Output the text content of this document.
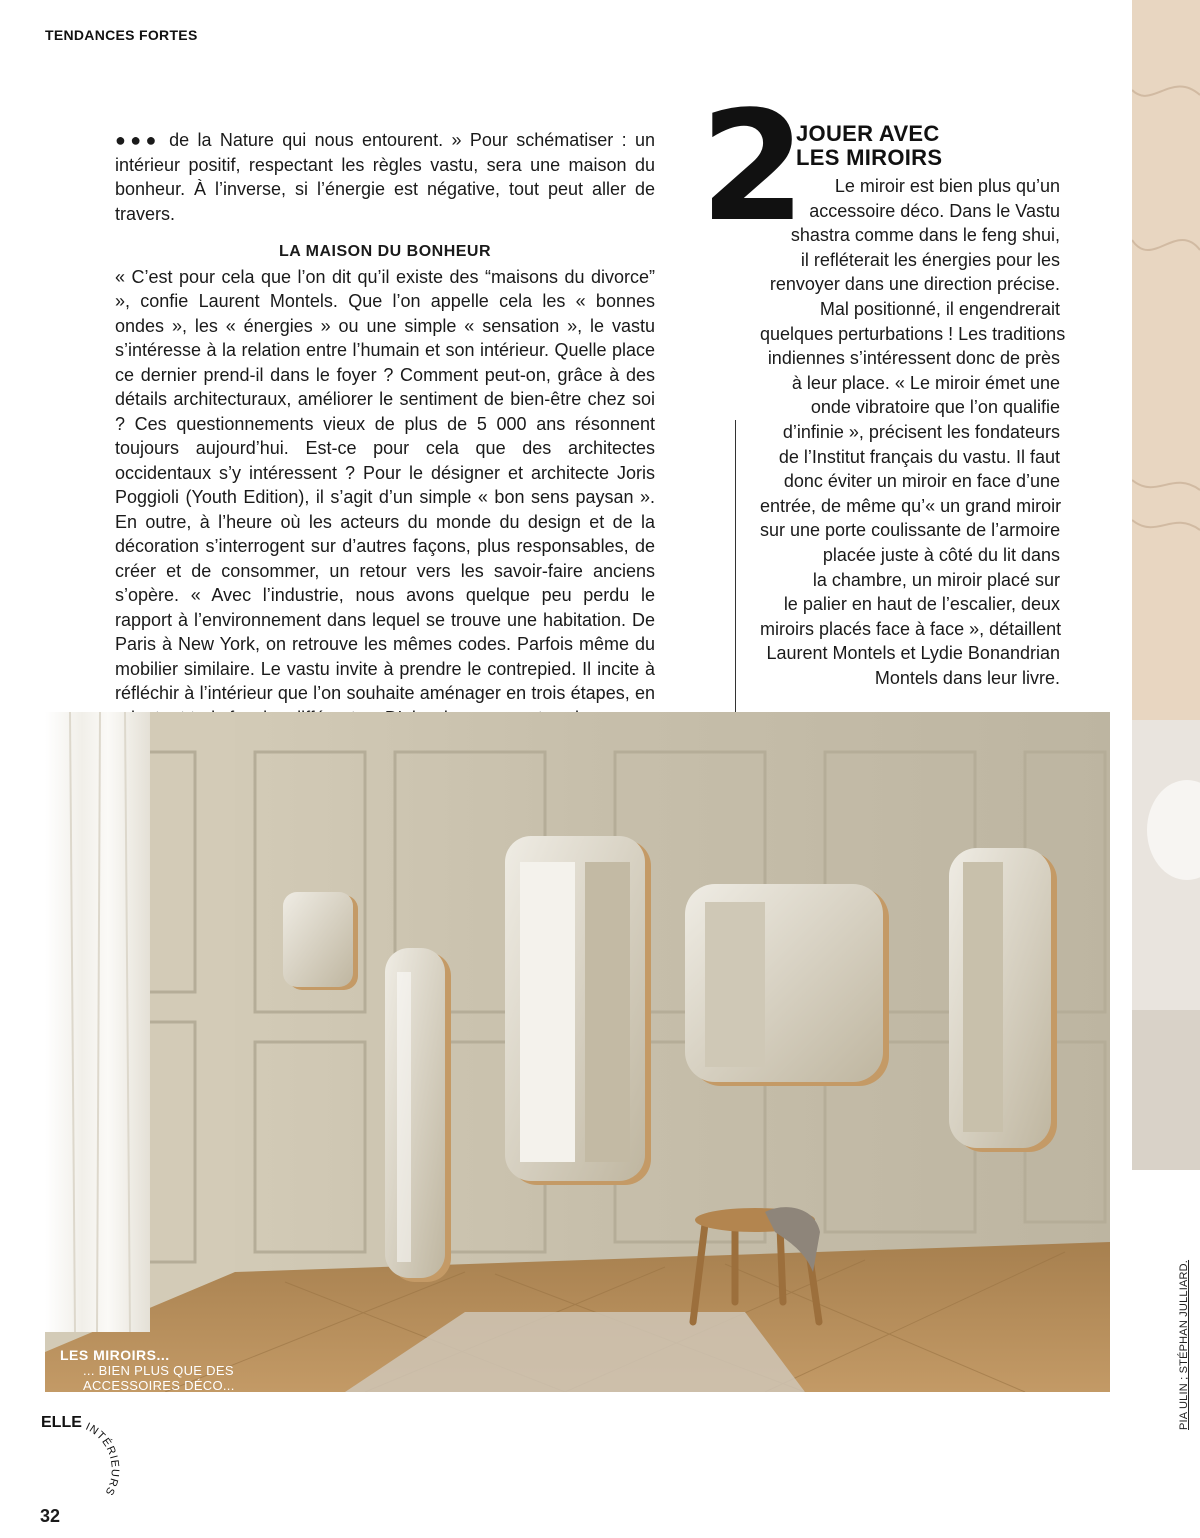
TENDANCES FORTES

●●● de la Nature qui nous entourent. » Pour schématiser : un intérieur positif, respectant les règles vastu, sera une maison du bonheur. À l’inverse, si l’énergie est négative, tout peut aller de travers.

LA MAISON DU BONHEUR

« C’est pour cela que l’on dit qu’il existe des “maisons du divorce” », confie Laurent Montels. Que l’on appelle cela les « bonnes ondes », les « énergies » ou une simple « sensation », le vastu s’intéresse à la relation entre l’humain et son intérieur. Quelle place ce dernier prend-il dans le foyer ? Comment peut-on, grâce à des détails architecturaux, améliorer le sentiment de bien-être chez soi ? Ces questionnements vieux de plus de 5 000 ans résonnent toujours aujourd’hui. Est-ce pour cela que des architectes occidentaux s’y intéressent ? Pour le désigner et architecte Joris Poggioli (Youth Edition), il s’agit d’un simple « bon sens paysan ». En outre, à l’heure où les acteurs du monde du design et de la décoration s’interrogent sur d’autres façons, plus responsables, de créer et de consommer, un retour vers les savoir-faire anciens s’opère. « Avec l’industrie, nous avons quelque peu perdu le rapport à l’environnement dans lequel se trouve une habitation. De Paris à New York, on retrouve les mêmes codes. Parfois même du mobilier similaire. Le vastu invite à prendre le contrepied. Il incite à réfléchir à l’intérieur que l’on souhaite aménager en trois étapes, en

2
JOUER AVEC
LES MIROIRS
Le miroir est bien plus qu’un
accessoire déco. Dans le Vastu
shastra comme dans le feng shui,
il refléterait les énergies pour les
renvoyer dans une direction précise.
Mal positionné, il engendrerait
quelques perturbations ! Les traditions
indiennes s’intéressent donc de près
à leur place. « Le miroir émet une
onde vibratoire que l’on qualifie
d’infinie », précisent les fondateurs
de l’Institut français du vastu. Il faut
donc éviter un miroir en face d’une
entrée, de même qu’« un grand miroir
sur une porte coulissante de l’armoire
placée juste à côté du lit dans
la chambre, un miroir placé sur
le palier en haut de l’escalier, deux
miroirs placés face à face », détaillent
Laurent Montels et Lydie Bonandrian
Montels dans leur livre.
LES MIROIRS...
... BIEN PLUS QUE DES
ACCESSOIRES DÉCO...	PIA ULIN ; STÉPHAN JULLIARD.
ELLE INTÉRIEURS
32
